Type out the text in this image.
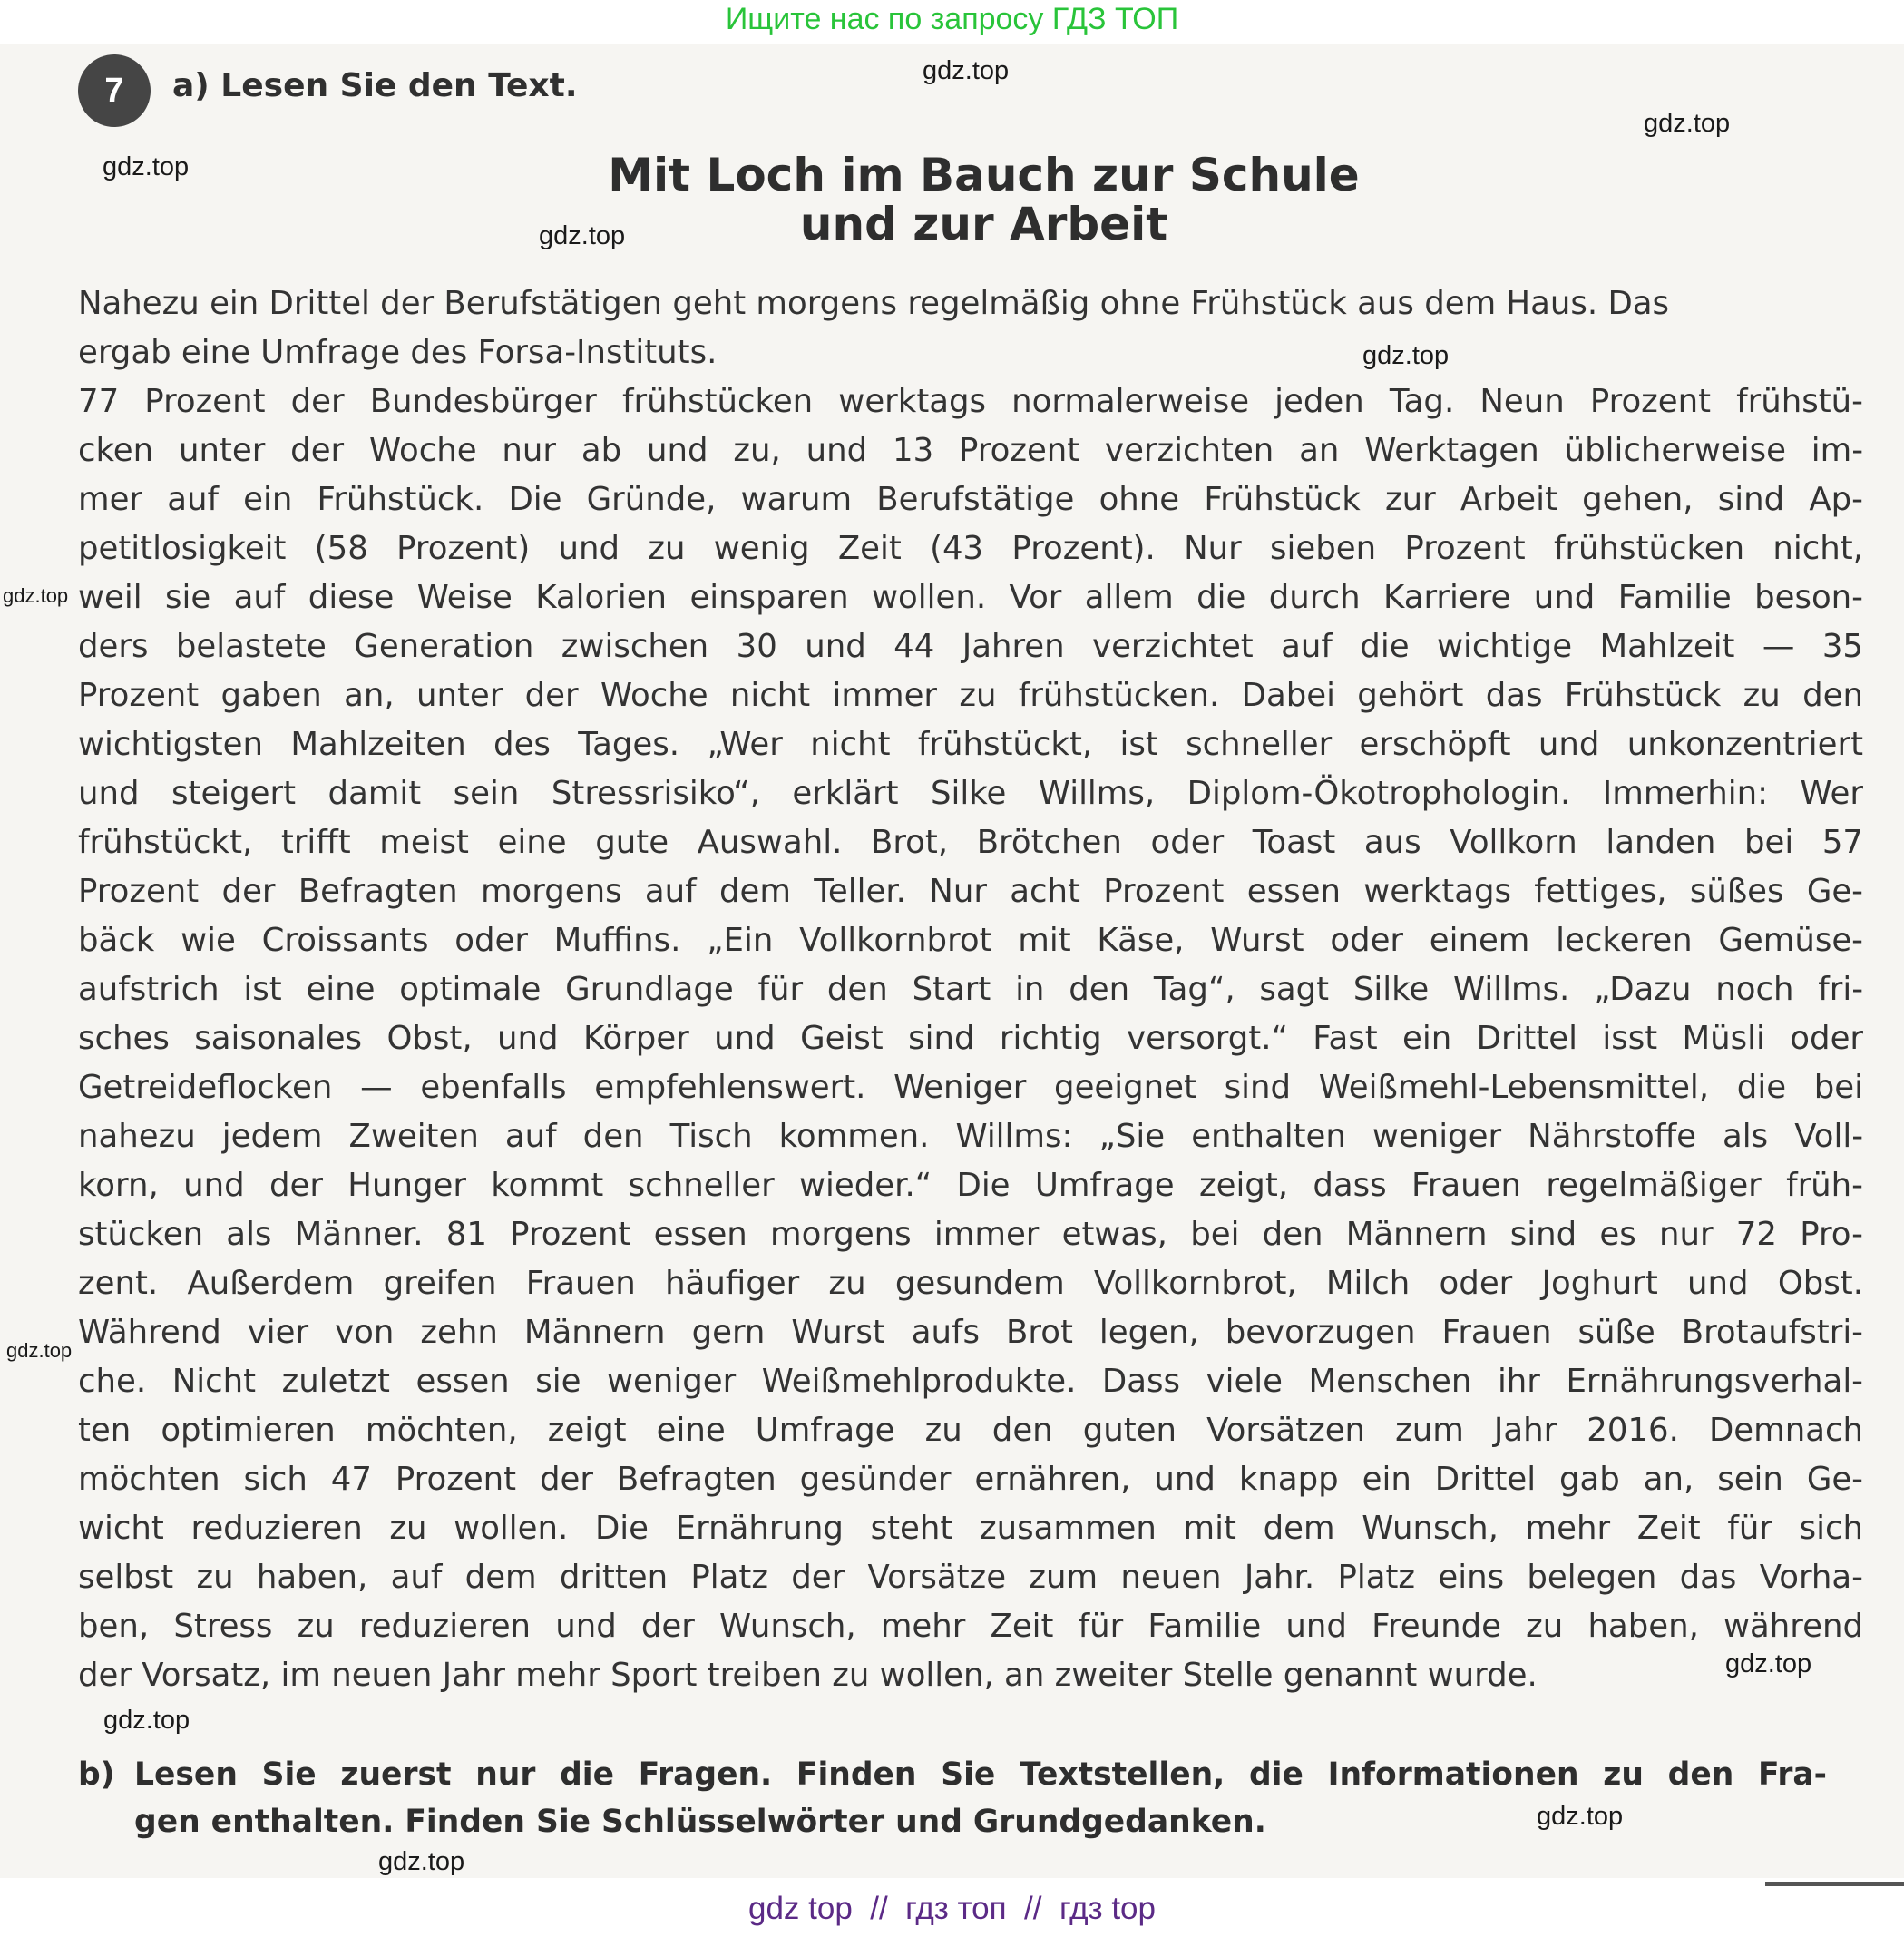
Ищите нас по запросу ГДЗ ТОП
7	a) Lesen Sie den Text.
Mit Loch im Bauch zur Schule
und zur Arbeit
Nahezu ein Drittel der Berufstätigen geht morgens regelmäßig ohne Frühstück aus dem Haus. Das
ergab eine Umfrage des Forsa-Instituts.
77 Prozent der Bundesbürger frühstücken werktags normalerweise jeden Tag. Neun Prozent frühstü-
cken unter der Woche nur ab und zu, und 13 Prozent verzichten an Werktagen üblicherweise im-
mer auf ein Frühstück. Die Gründe, warum Berufstätige ohne Frühstück zur Arbeit gehen, sind Ap-
petitlosigkeit (58 Prozent) und zu wenig Zeit (43 Prozent). Nur sieben Prozent frühstücken nicht,
weil sie auf diese Weise Kalorien einsparen wollen. Vor allem die durch Karriere und Familie beson-
ders belastete Generation zwischen 30 und 44 Jahren verzichtet auf die wichtige Mahlzeit — 35
Prozent gaben an, unter der Woche nicht immer zu frühstücken. Dabei gehört das Frühstück zu den
wichtigsten Mahlzeiten des Tages. „Wer nicht frühstückt, ist schneller erschöpft und unkonzentriert
und steigert damit sein Stressrisiko“, erklärt Silke Willms, Diplom-Ökotrophologin. Immerhin: Wer
frühstückt, trifft meist eine gute Auswahl. Brot, Brötchen oder Toast aus Vollkorn landen bei 57
Prozent der Befragten morgens auf dem Teller. Nur acht Prozent essen werktags fettiges, süßes Ge-
bäck wie Croissants oder Muffins. „Ein Vollkornbrot mit Käse, Wurst oder einem leckeren Gemüse-
aufstrich ist eine optimale Grundlage für den Start in den Tag“, sagt Silke Willms. „Dazu noch fri-
sches saisonales Obst, und Körper und Geist sind richtig versorgt.“ Fast ein Drittel isst Müsli oder
Getreideflocken — ebenfalls empfehlenswert. Weniger geeignet sind Weißmehl-Lebensmittel, die bei
nahezu jedem Zweiten auf den Tisch kommen. Willms: „Sie enthalten weniger Nährstoffe als Voll-
korn, und der Hunger kommt schneller wieder.“ Die Umfrage zeigt, dass Frauen regelmäßiger früh-
stücken als Männer. 81 Prozent essen morgens immer etwas, bei den Männern sind es nur 72 Pro-
zent. Außerdem greifen Frauen häufiger zu gesundem Vollkornbrot, Milch oder Joghurt und Obst.
Während vier von zehn Männern gern Wurst aufs Brot legen, bevorzugen Frauen süße Brotaufstri-
che. Nicht zuletzt essen sie weniger Weißmehlprodukte. Dass viele Menschen ihr Ernährungsverhal-
ten optimieren möchten, zeigt eine Umfrage zu den guten Vorsätzen zum Jahr 2016. Demnach
möchten sich 47 Prozent der Befragten gesünder ernähren, und knapp ein Drittel gab an, sein Ge-
wicht reduzieren zu wollen. Die Ernährung steht zusammen mit dem Wunsch, mehr Zeit für sich
selbst zu haben, auf dem dritten Platz der Vorsätze zum neuen Jahr. Platz eins belegen das Vorha-
ben, Stress zu reduzieren und der Wunsch, mehr Zeit für Familie und Freunde zu haben, während
der Vorsatz, im neuen Jahr mehr Sport treiben zu wollen, an zweiter Stelle genannt wurde.
b) Lesen Sie zuerst nur die Fragen. Finden Sie Textstellen, die Informationen zu den Fra-
gen enthalten. Finden Sie Schlüsselwörter und Grundgedanken.
gdz.top
gdz.top
gdz.top
gdz.top
gdz.top
gdz.top
gdz.top
gdz.top
gdz.top
gdz.top
gdz.top
gdz top  //  гдз топ  //  гдз top
